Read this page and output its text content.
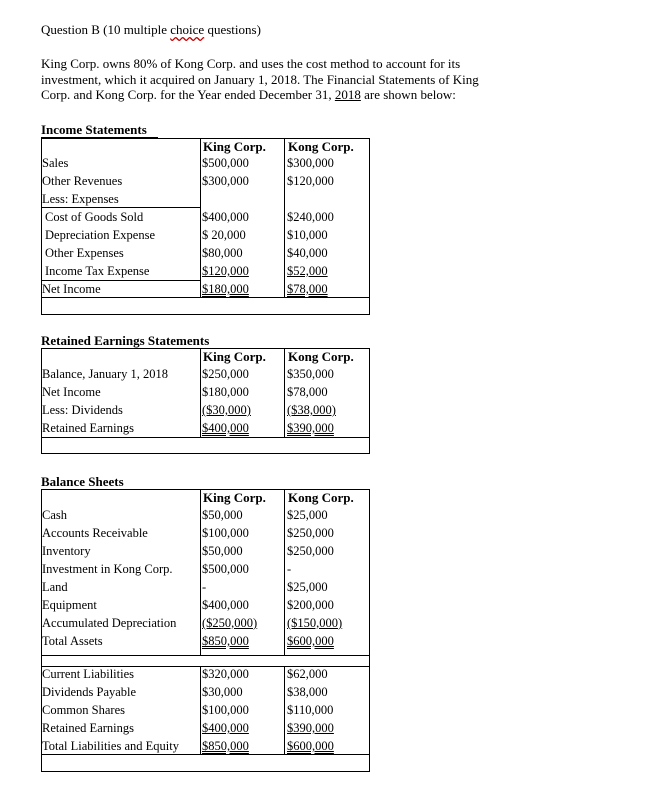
Question B (10 multiple choice questions)
King Corp. owns 80% of Kong Corp. and uses the cost method to account for its
investment, which it acquired on January 1, 2018. The Financial Statements of King
Corp. and Kong Corp. for the Year ended December 31, 2018 are shown below:
Income Statements
King Corp. Kong Corp.
Sales	$500,000	$300,000
Other Revenues	$300,000	$120,000
Less: Expenses
Cost of Goods Sold	$400,000	$240,000
Depreciation Expense	$ 20,000	$10,000
Other Expenses	$80,000	$40,000
Income Tax Expense	$120,000	$52,000
Net Income	$180,000	$78,000
Retained Earnings Statements
King Corp. Kong Corp.
Balance, January 1, 2018	$250,000	$350,000
Net Income	$180,000	$78,000
Less: Dividends	($30,000)	($38,000)
Retained Earnings	$400,000	$390,000
Balance Sheets
King Corp. Kong Corp.
Cash	$50,000	$25,000
Accounts Receivable	$100,000	$250,000
Inventory	$50,000	$250,000
Investment in Kong Corp. $500,000	-
Land	-	$25,000
Equipment	$400,000	$200,000
Accumulated Depreciation ($250,000) ($150,000)
Total Assets	$850,000	$600,000
Current Liabilities	$320,000	$62,000
Dividends Payable	$30,000	$38,000
Common Shares	$100,000	$110,000
Retained Earnings	$400,000	$390,000
Total Liabilities and Equity $850,000	$600,000
